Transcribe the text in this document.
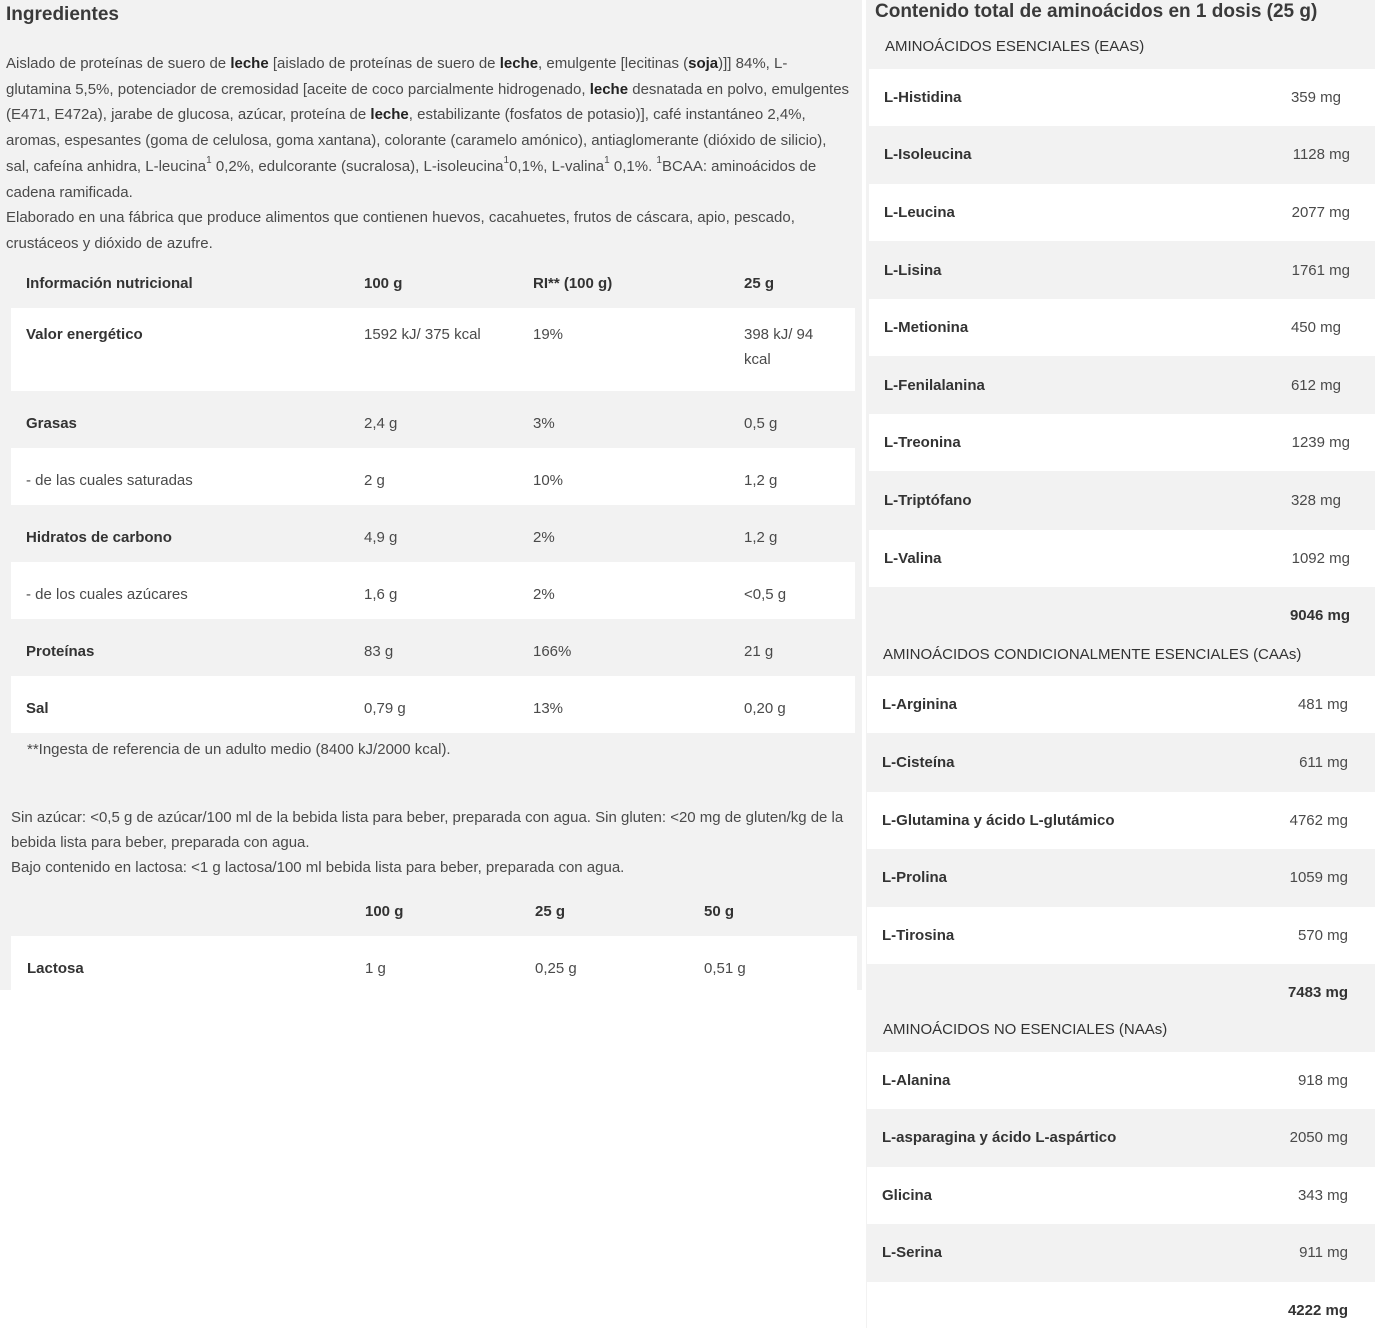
Ingredientes

Aislado de proteínas de suero de leche [aislado de proteínas de suero de leche, emulgente [lecitinas (soja)]] 84%, L-glutamina 5,5%, potenciador de cremosidad [aceite de coco parcialmente hidrogenado, leche desnatada en polvo, emulgentes (E471, E472a), jarabe de glucosa, azúcar, proteína de leche, estabilizante (fosfatos de potasio)], café instantáneo 2,4%, aromas, espesantes (goma de celulosa, goma xantana), colorante (caramelo amónico), antiaglomerante (dióxido de silicio), sal, cafeína anhidra, L-leucina$^1$ 0,2%, edulcorante (sucralosa), L-isoleucina$^1$0,1%, L-valina$^1$ 0,1%. $^1$BCAA: aminoácidos de cadena ramificada.

Elaborado en una fábrica que produce alimentos que contienen huevos, cacahuetes, frutos de cáscara, apio, pescado, crustáceos y dióxido de azufre.

Información nutricional	100 g	RI** (100 g)	25 g
Valor energético	1592 kJ/ 375 kcal	19%	398 kJ/ 94 kcal
Grasas	2,4 g	3%	0,5 g
- de las cuales saturadas	2 g	10%	1,2 g
Hidratos de carbono	4,9 g	2%	1,2 g
- de los cuales azúcares	1,6 g	2%	<0,5 g
Proteínas	83 g	166%	21 g
Sal	0,79 g	13%	0,20 g
**Ingesta de referencia de un adulto medio (8400 kJ/2000 kcal).

Sin azúcar: <0,5 g de azúcar/100 ml de la bebida lista para beber, preparada con agua. Sin gluten: <20 mg de gluten/kg de la bebida lista para beber, preparada con agua.

Bajo contenido en lactosa: <1 g lactosa/100 ml bebida lista para beber, preparada con agua.

100 g	25 g	50 g
Lactosa	1 g	0,25 g	0,51 g
Contenido total de aminoácidos en 1 dosis (25 g)
AMINOÁCIDOS ESENCIALES (EAAS)
L-Histidina	359 mg
L-Isoleucina	1128 mg
L-Leucina	2077 mg
L-Lisina	1761 mg
L-Metionina	450 mg
L-Fenilalanina	612 mg
L-Treonina	1239 mg
L-Triptófano	328 mg
L-Valina	1092 mg
9046 mg
AMINOÁCIDOS CONDICIONALMENTE ESENCIALES (CAAs)
L-Arginina	481 mg
L-Cisteína	611 mg
L-Glutamina y ácido L-glutámico	4762 mg
L-Prolina	1059 mg
L-Tirosina	570 mg
7483 mg
AMINOÁCIDOS NO ESENCIALES (NAAs)
L-Alanina	918 mg
L-asparagina y ácido L-aspártico	2050 mg
Glicina	343 mg
L-Serina	911 mg
4222 mg
